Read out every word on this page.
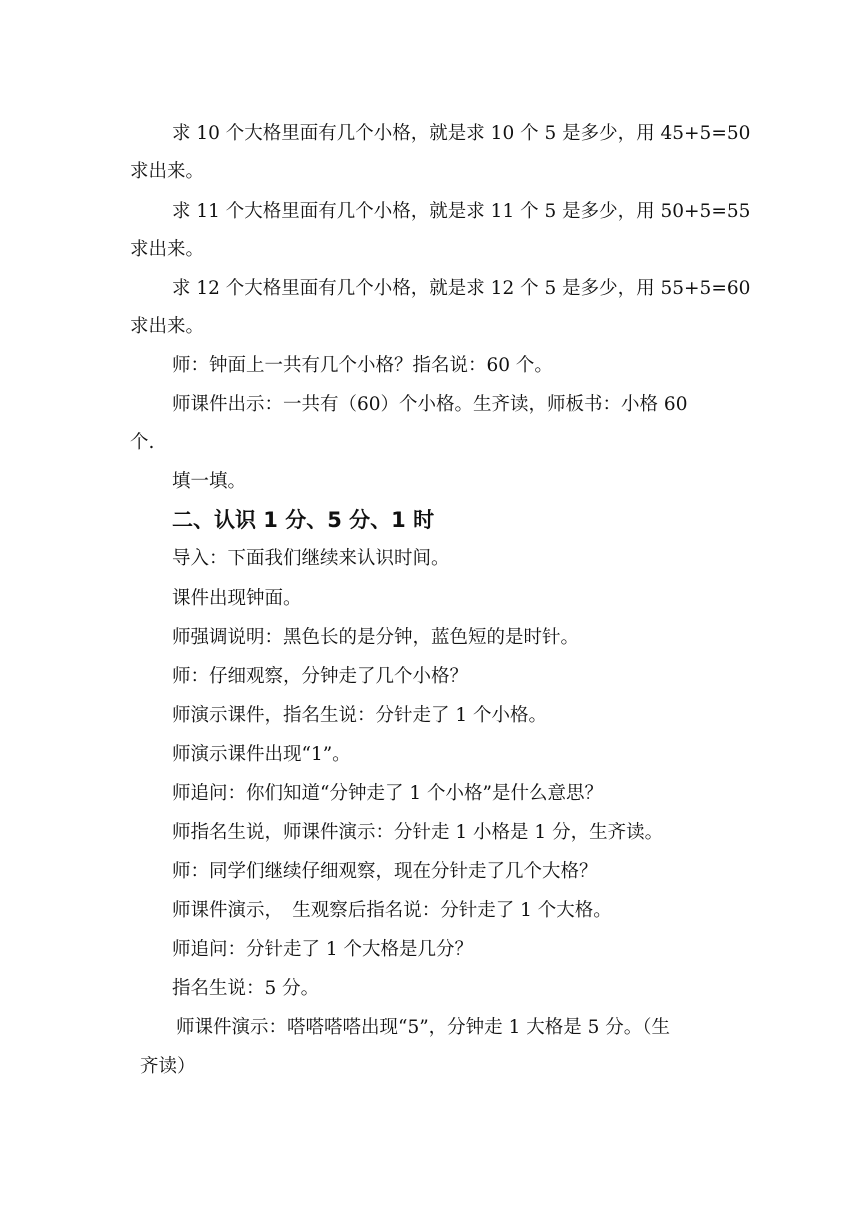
求 10 个大格里面有几个小格，就是求 10 个 5 是多少，用 45+5=50
求出来。
求 11 个大格里面有几个小格，就是求 11 个 5 是多少，用 50+5=55
求出来。
求 12 个大格里面有几个小格，就是求 12 个 5 是多少，用 55+5=60
求出来。
师：钟面上一共有几个小格？指名说：60 个。
师课件出示：一共有（60）个小格。生齐读，师板书：小格 60
个.
填一填。
二、认识 1 分、5 分、1 时
导入：下面我们继续来认识时间。
课件出现钟面。
师强调说明：黑色长的是分钟，蓝色短的是时针。
师：仔细观察，分钟走了几个小格？
师演示课件，指名生说：分针走了 1 个小格。
师演示课件出现“1”。
师追问：你们知道“分钟走了 1 个小格”是什么意思？
师指名生说，师课件演示：分针走 1 小格是 1 分，生齐读。
师：同学们继续仔细观察，现在分针走了几个大格？
师课件演示，　生观察后指名说：分针走了 1 个大格。
师追问：分针走了 1 个大格是几分？
指名生说：5 分。
师课件演示：嗒嗒嗒嗒出现“5”，分钟走 1 大格是 5 分。（生
齐读）
